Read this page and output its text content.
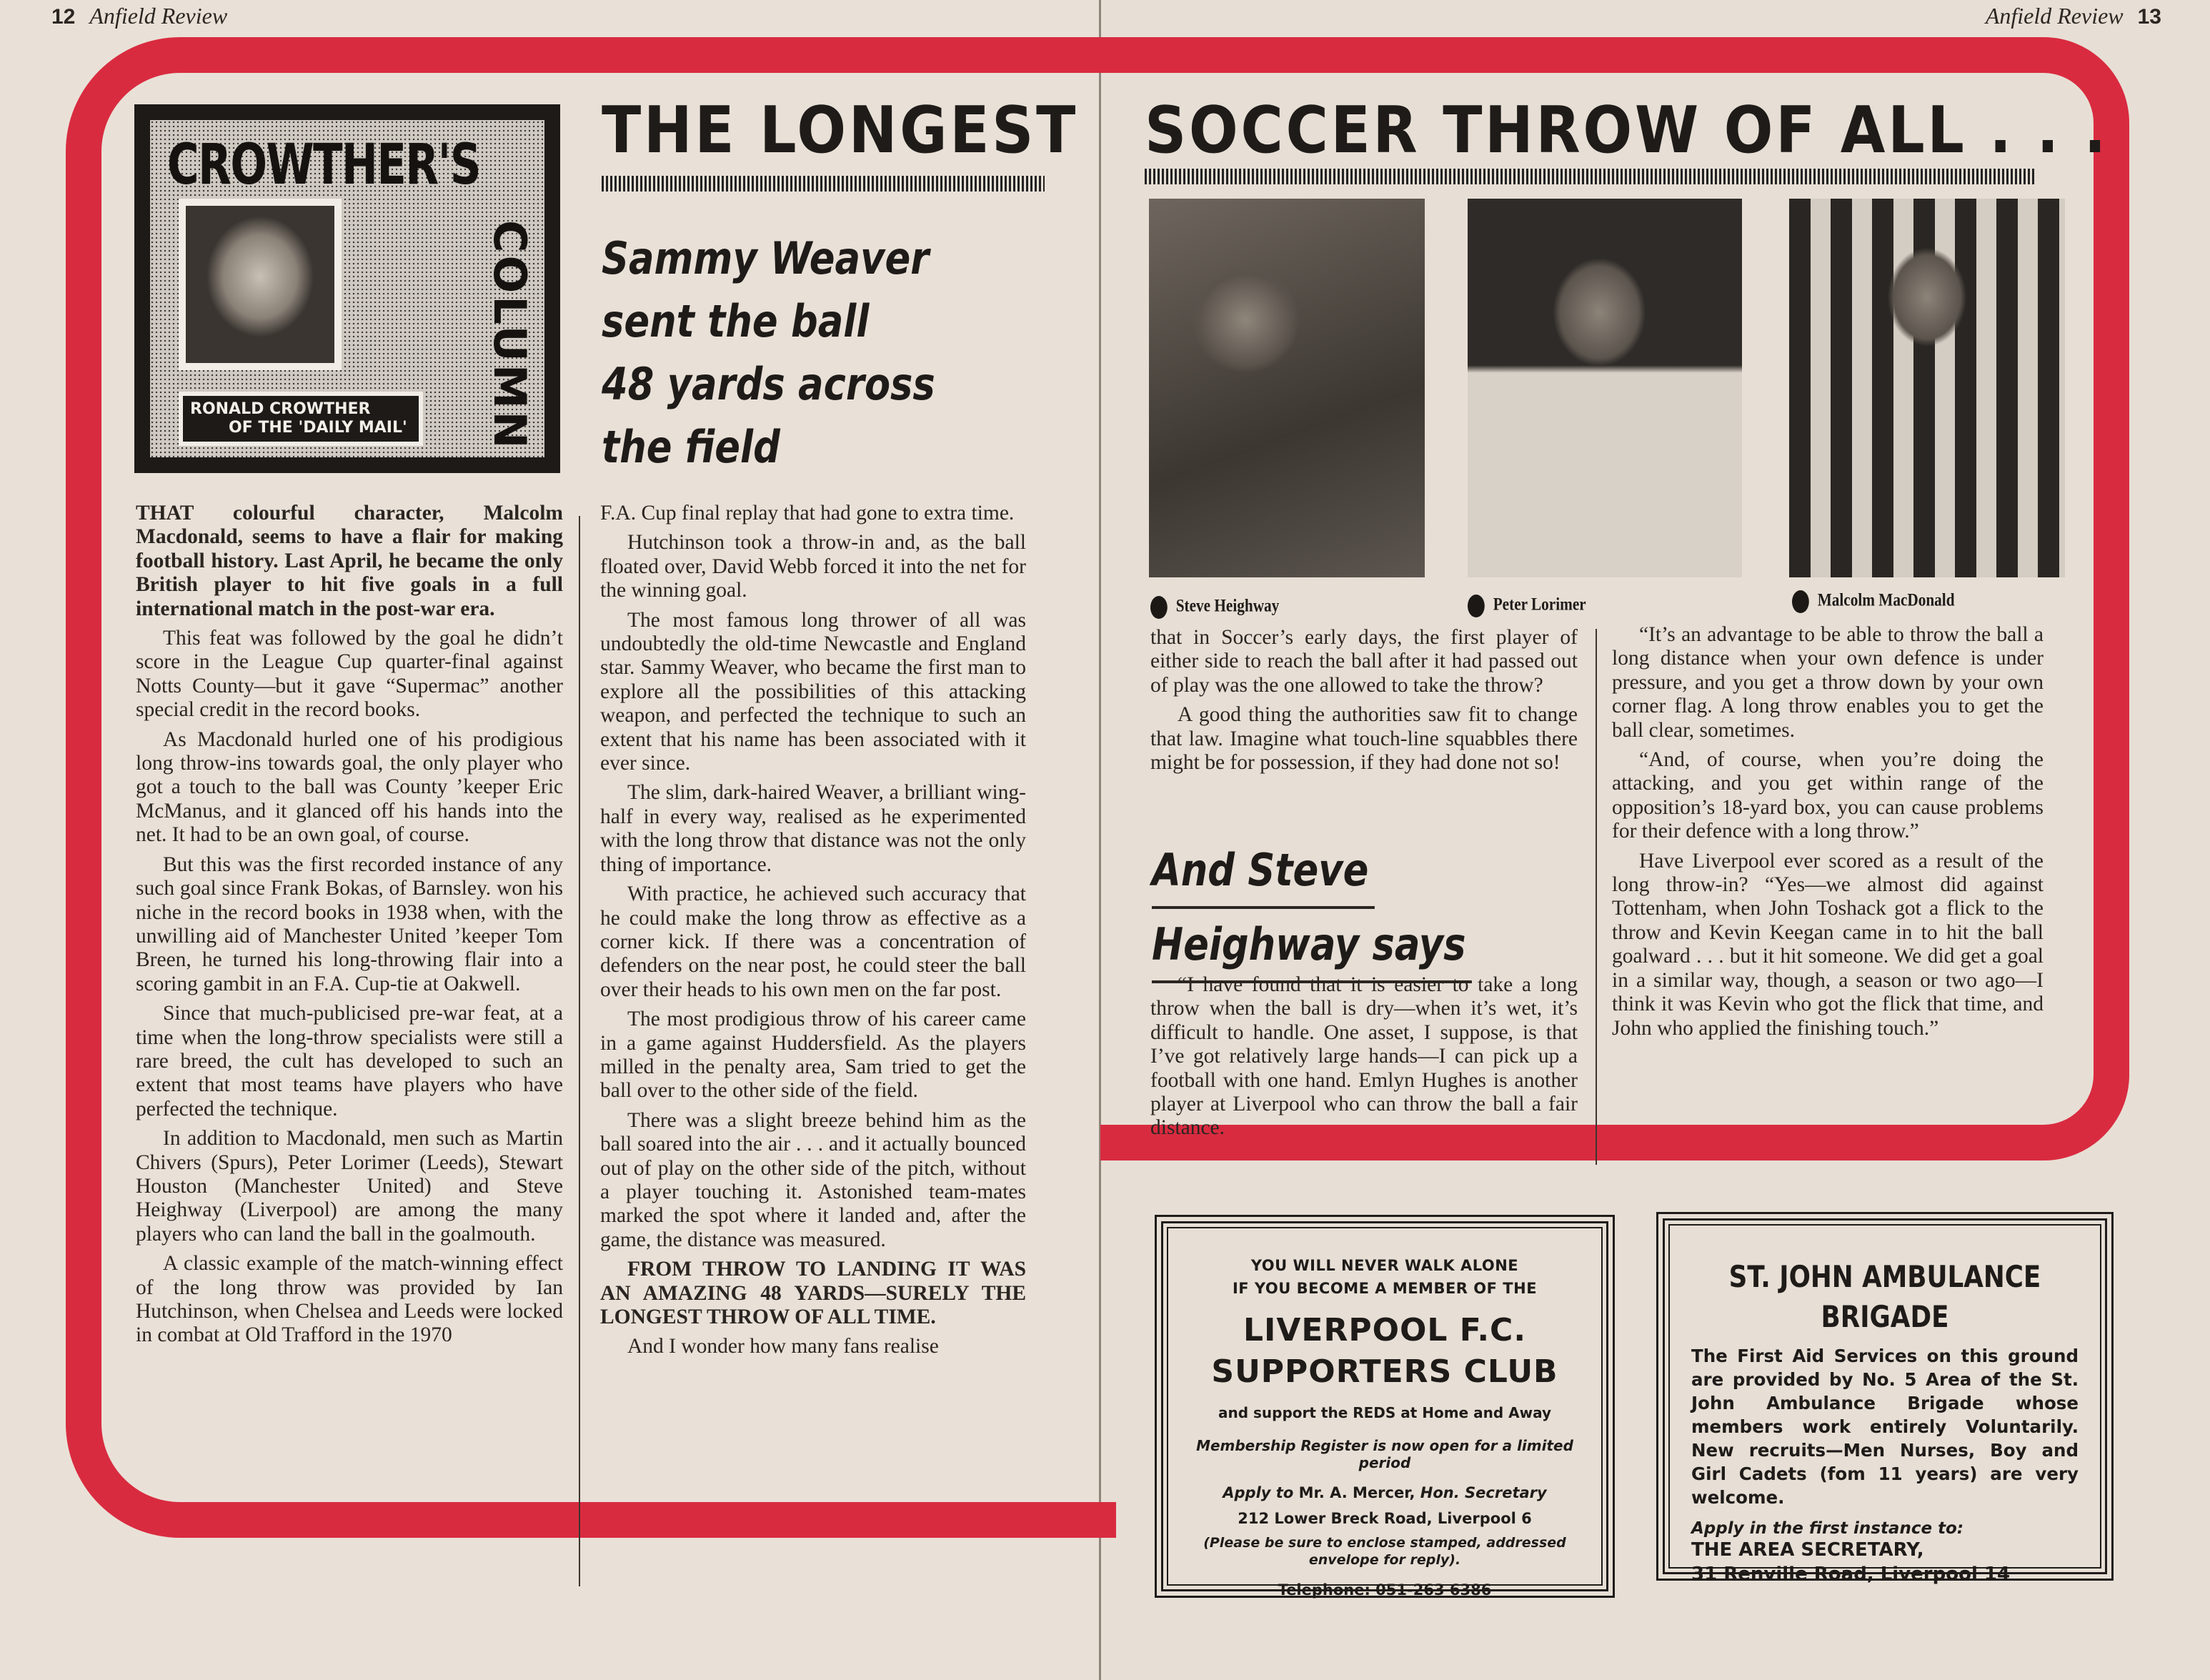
12 Anfield Review	Anfield Review 13
THE LONGEST SOCCER THROW OF ALL . . .
CROWTHER'S
COLUMN
RONALD CROWTHER
OF THE 'DAILY MAIL'
Sammy Weaver
sent the ball
48 yards across
the field

THAT colourful character, Malcolm Macdonald, seems to have a flair for making football history. Last April, he became the only British player to hit five goals in a full international match in the post-war era.

This feat was followed by the goal he didn’t score in the League Cup quarter-final against Notts County—but it gave “Supermac” another special credit in the record books.

As Macdonald hurled one of his prodigious long throw-ins towards goal, the only player who got a touch to the ball was County ’keeper Eric McManus, and it glanced off his hands into the net. It had to be an own goal, of course.

But this was the first recorded instance of any such goal since Frank Bokas, of Barnsley. won his niche in the record books in 1938 when, with the unwilling aid of Manchester United ’keeper Tom Breen, he turned his long-throwing flair into a scoring gambit in an F.A. Cup-tie at Oakwell.

Since that much-publicised pre-war feat, at a time when the long-throw specialists were still a rare breed, the cult has developed to such an extent that most teams have players who have perfected the technique.

In addition to Macdonald, men such as Martin Chivers (Spurs), Peter Lorimer (Leeds), Stewart Houston (Manchester United) and Steve Heighway (Liverpool) are among the many players who can land the ball in the goalmouth.

A classic example of the match-winning effect of the long throw was provided by Ian Hutchinson, when Chelsea and Leeds were locked in combat at Old Trafford in the 1970

F.A. Cup final replay that had gone to extra time.

Hutchinson took a throw-in and, as the ball floated over, David Webb forced it into the net for the winning goal.

The most famous long thrower of all was undoubtedly the old-time Newcastle and England star. Sammy Weaver, who became the first man to explore all the possibilities of this attacking weapon, and perfected the technique to such an extent that his name has been associated with it ever since.

The slim, dark-haired Weaver, a brilliant wing-half in every way, realised as he experimented with the long throw that distance was not the only thing of importance.

With practice, he achieved such accuracy that he could make the long throw as effective as a corner kick. If there was a concentration of defenders on the near post, he could steer the ball over their heads to his own men on the far post.

The most prodigious throw of his career came in a game against Huddersfield. As the players milled in the penalty area, Sam tried to get the ball over to the other side of the field.

There was a slight breeze behind him as the ball soared into the air . . . and it actually bounced out of play on the other side of the pitch, without a player touching it. Astonished team-mates marked the spot where it landed and, after the game, the distance was measured.

FROM THROW TO LANDING IT WAS AN AMAZING 48 YARDS—SURELY THE LONGEST THROW OF ALL TIME.

And I wonder how many fans realise

Steve Heighway	Peter Lorimer	Malcolm MacDonald

that in Soccer’s early days, the first player of either side to reach the ball after it had passed out of play was the one allowed to take the throw?

A good thing the authorities saw fit to change that law. Imagine what touch-line squabbles there might be for possession, if they had done not so!

And Steve
Heighway says

“I have found that it is easier to take a long throw when the ball is dry—when it’s wet, it’s difficult to handle. One asset, I suppose, is that I’ve got relatively large hands—I can pick up a football with one hand. Emlyn Hughes is another player at Liverpool who can throw the ball a fair distance.

“It’s an advantage to be able to throw the ball a long distance when your own defence is under pressure, and you get a throw down by your own corner flag. A long throw enables you to get the ball clear, sometimes.

“And, of course, when you’re doing the attacking, and you get within range of the opposition’s 18-yard box, you can cause problems for their defence with a long throw.”

Have Liverpool ever scored as a result of the long throw-in? “Yes—we almost did against Tottenham, when John Toshack got a flick to the throw and Kevin Keegan came in to hit the ball goalward . . . but it hit someone. We did get a goal in a similar way, though, a season or two ago—I think it was Kevin who got the flick that time, and John who applied the finishing touch.”

YOU WILL NEVER WALK ALONE
IF YOU BECOME A MEMBER OF THE
LIVERPOOL F.C.
SUPPORTERS CLUB
and support the REDS at Home and Away
Membership Register is now open for a limited period
Apply to Mr. A. Mercer, Hon. Secretary
212 Lower Breck Road, Liverpool 6
(Please be sure to enclose stamped, addressed envelope for reply).
Telephone: 051-263 6386
ST. JOHN AMBULANCE
BRIGADE
The First Aid Services on this ground are provided by No. 5 Area of the St. John Ambulance Brigade whose members work entirely Voluntarily. New recruits—Men Nurses, Boy and Girl Cadets (fom 11 years) are very welcome.
Apply in the first instance to:
THE AREA SECRETARY,
31 Renville Road, Liverpool 14
